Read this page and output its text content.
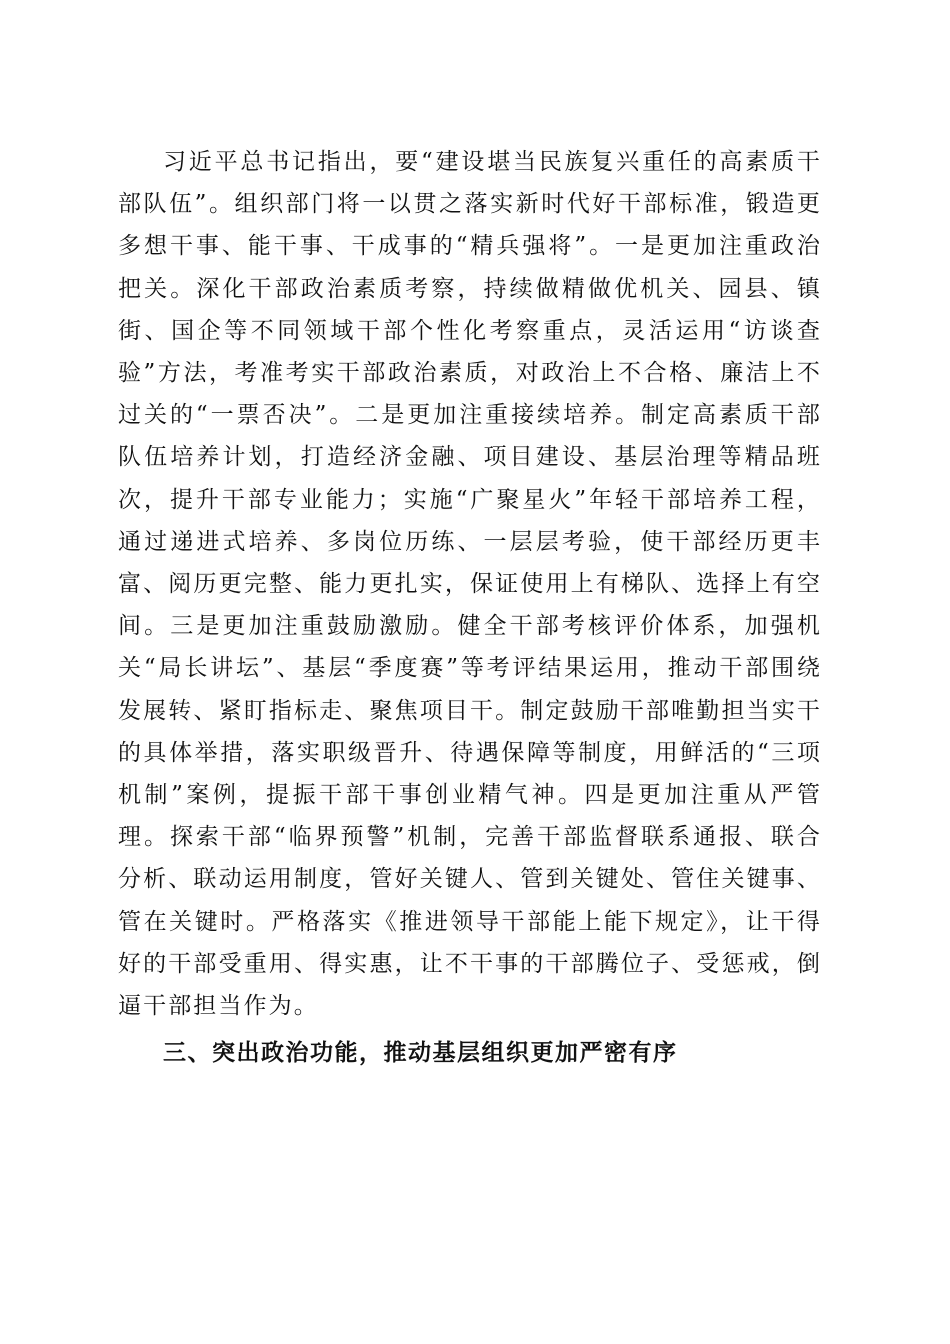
习近平总书记指出，要“建设堪当民族复兴重任的高素质干部队伍”。组织部门将一以贯之落实新时代好干部标准，锻造更多想干事、能干事、干成事的“精兵强将”。一是更加注重政治把关。深化干部政治素质考察，持续做精做优机关、园县、镇街、国企等不同领域干部个性化考察重点，灵活运用“访谈查验”方法，考准考实干部政治素质，对政治上不合格、廉洁上不过关的“一票否决”。二是更加注重接续培养。制定高素质干部队伍培养计划，打造经济金融、项目建设、基层治理等精品班次，提升干部专业能力；实施“广聚星火”年轻干部培养工程，通过递进式培养、多岗位历练、一层层考验，使干部经历更丰富、阅历更完整、能力更扎实，保证使用上有梯队、选择上有空间。三是更加注重鼓励激励。健全干部考核评价体系，加强机关“局长讲坛”、基层“季度赛”等考评结果运用，推动干部围绕发展转、紧盯指标走、聚焦项目干。制定鼓励干部唯勤担当实干的具体举措，落实职级晋升、待遇保障等制度，用鲜活的“三项机制”案例，提振干部干事创业精气神。四是更加注重从严管理。探索干部“临界预警”机制，完善干部监督联系通报、联合分析、联动运用制度，管好关键人、管到关键处、管住关键事、管在关键时。严格落实《推进领导干部能上能下规定》，让干得好的干部受重用、得实惠，让不干事的干部腾位子、受惩戒，倒逼干部担当作为。

三、突出政治功能，推动基层组织更加严密有序
